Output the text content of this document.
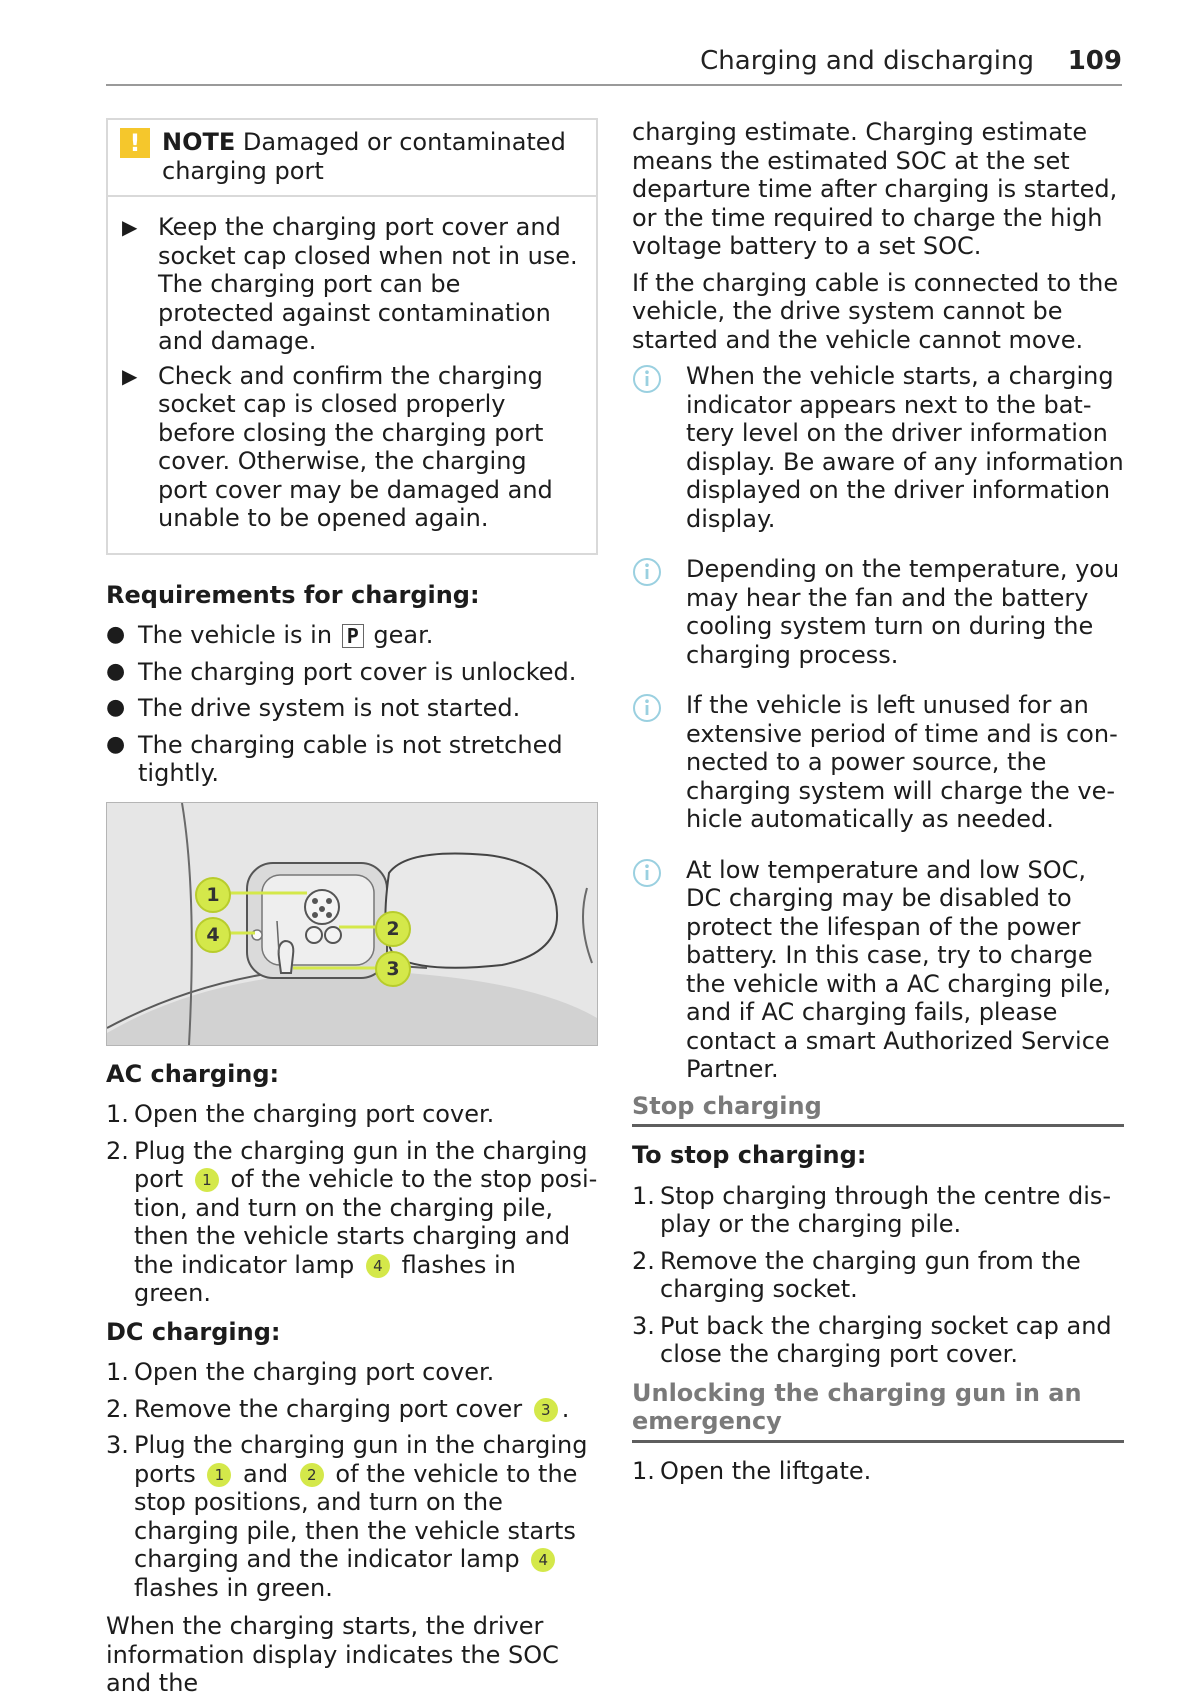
Charging and discharging 109
! NOTE Damaged or contaminated charging port
▶ Keep the charging port cover and socket cap closed when not in use. The charging port can be protected against contamination and damage.
▶ Check and confirm the charging socket cap is closed properly before closing the charging port cover. Otherwise, the charging port cover may be damaged and unable to be opened again.
Requirements for charging:
● The vehicle is in P gear.
● The charging port cover is unlocked.
● The drive system is not started.
● The charging cable is not stretched tightly.
1
2
3
4
AC charging:
1. Open the charging port cover.
2. Plug the charging gun in the charging port 1 of the vehicle to the stop position, and turn on the charging pile, then the vehicle starts charging and the indicator lamp 4 flashes in green.
DC charging:
1. Open the charging port cover.
2. Remove the charging port cover 3 .
3. Plug the charging gun in the charging ports 1 and 2 of the vehicle to the stop positions, and turn on the charging pile, then the vehicle starts charging and the indicator lamp 4 flashes in green.
When the charging starts, the driver information display indicates the SOC and the
charging estimate. Charging estimate means the estimated SOC at the set departure time after charging is started, or the time required to charge the high voltage battery to a set SOC.
If the charging cable is connected to the vehicle, the drive system cannot be started and the vehicle cannot move.
When the vehicle starts, a charging indicator appears next to the battery level on the driver information display. Be aware of any information displayed on the driver information display.
Depending on the temperature, you may hear the fan and the battery cooling system turn on during the charging process.
If the vehicle is left unused for an extensive period of time and is connected to a power source, the charging system will charge the vehicle automatically as needed.
At low temperature and low SOC, DC charging may be disabled to protect the lifespan of the power battery. In this case, try to charge the vehicle with a AC charging pile, and if AC charging fails, please contact a smart Authorized Service Partner.
Stop charging
To stop charging:
1. Stop charging through the centre display or the charging pile.
2. Remove the charging gun from the charging socket.
3. Put back the charging socket cap and close the charging port cover.
Unlocking the charging gun in an emergency
1. Open the liftgate.
